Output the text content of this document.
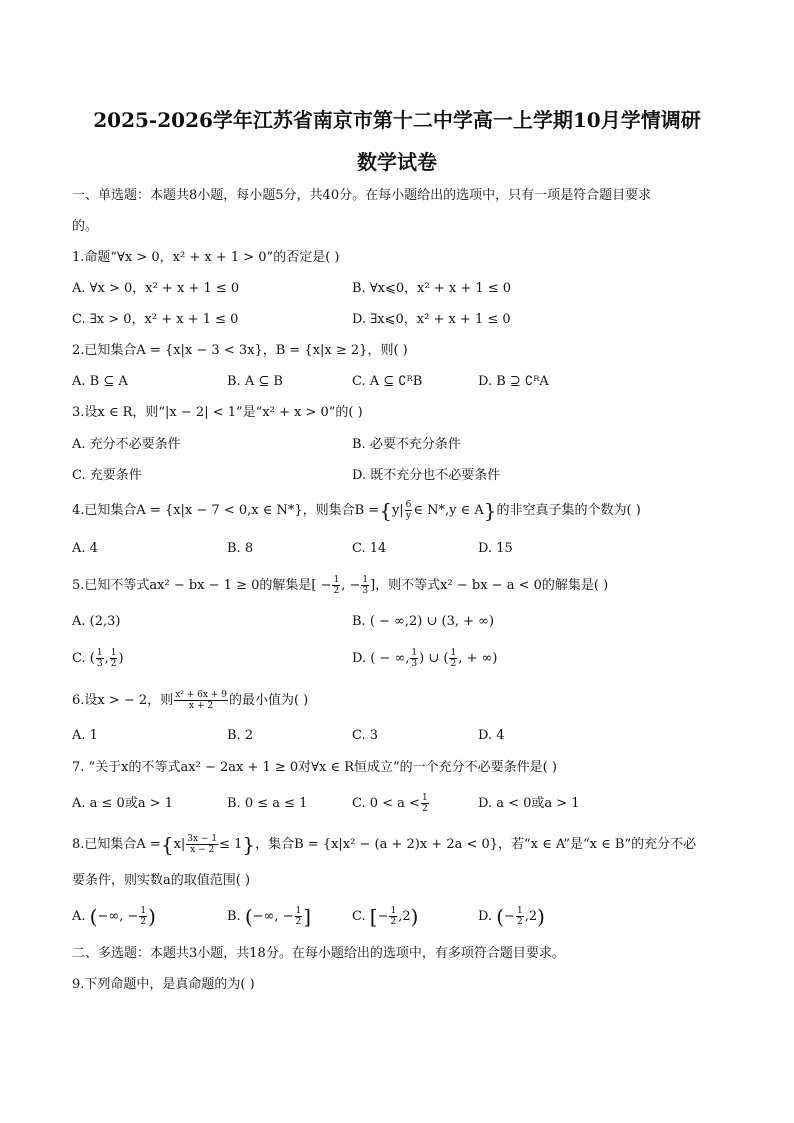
2025-2026学年江苏省南京市第十二中学高一上学期10月学情调研
数学试卷
一、单选题：本题共8小题，每小题5分，共40分。在每小题给出的选项中，只有一项是符合题目要求
的。
1.命题“∀x > 0，x² + x + 1 > 0”的否定是( )
A. ∀x > 0，x² + x + 1 ≤ 0	B. ∀x⩽0，x² + x + 1 ≤ 0
C. ∃x > 0，x² + x + 1 ≤ 0	D. ∃x⩽0，x² + x + 1 ≤ 0
2.已知集合A = {x|x − 3 < 3x}，B = {x|x ≥ 2}，则( )
A. B ⊆ A	B. A ⊆ B	C. A ⊆ ∁ᴿB	D. B ⊇ ∁ᴿA
3.设x ∈ R，则“|x − 2| < 1”是“x² + x > 0”的( )
A. 充分不必要条件	B. 必要不充分条件
C. 充要条件	D. 既不充分也不必要条件
4.已知集合A = {x|x − 7 < 0,x ∈ N*}，则集合$B =\{y| \frac{6}{y}$ ∈ N*,y ∈ A}的非空真子集的个数为( )
A. 4	B. 8	C. 14	D. 15
5.已知不等式ax² − bx − 1 ≥ 0的解集是[ − $\frac{1}{2}$ , − $\frac{1}{3}$ ]，则不等式x² − bx − a < 0的解集是( )
A. (2,3)	B. ( − ∞,2) ∪ (3, + ∞)
C. ( $\frac{1}{3}$ , $\frac{1}{2}$ )	D. ( − ∞, $\frac{1}{3}$ ) ∪ ( $\frac{1}{2}$ , + ∞)
6.设x > − 2，则 $\frac{\text{x² + 6x + 9}}{x + 2}$ 的最小值为( )
A. 1	B. 2	C. 3	D. 4
7. “关于x的不等式ax² − 2ax + 1 ≥ 0对∀x ∈ R恒成立”的一个充分不必要条件是( )
A. a ≤ 0或a > 1	B. 0 ≤ a ≤ 1	C. $0 < a < \frac{1}{2}$	D. a < 0或a > 1
8.已知集合$A =\{x| \frac{3x - 1}{x - 2} \le 1\}$，集合B = {x|x² − (a + 2)x + 2a < 0}，若“x ∈ A”是“x ∈ B”的充分不必
要条件，则实数a的取值范围( )
A. (−∞, − $\frac{1}{2}$ )	B. (−∞, − $\frac{1}{2}$ ]	C. [− $\frac{1}{2} ,2$)	D. (− $\frac{1}{2} ,2$)
二、多选题：本题共3小题，共18分。在每小题给出的选项中，有多项符合题目要求。
9.下列命题中，是真命题的为( )
